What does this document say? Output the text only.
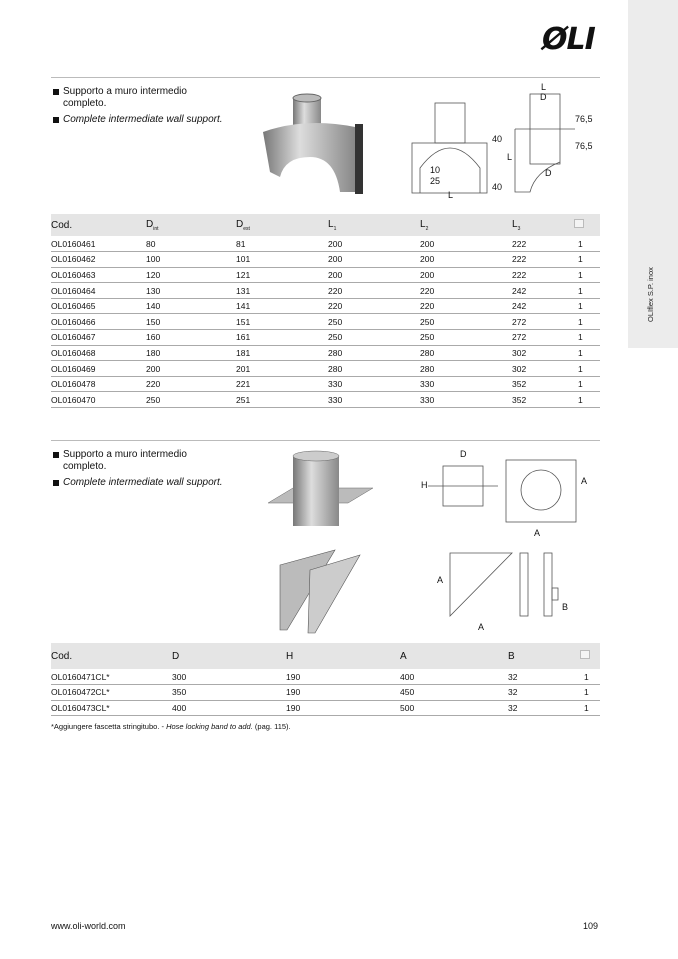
OLIflex S.P. inox
ØLI

Supporto a muro intermedio completo.

Complete intermediate wall support.

40
40
10
25
L
L
D
76,5
76,5
L
D
Cod.	$D_{int}$	$D_{est}$	$L_1$	$L_2$	$L_3$	
OL0160461	80	81	200	200	222	1
OL0160462	100	101	200	200	222	1
OL0160463	120	121	200	200	222	1
OL0160464	130	131	220	220	242	1
OL0160465	140	141	220	220	242	1
OL0160466	150	151	250	250	272	1
OL0160467	160	161	250	250	272	1
OL0160468	180	181	280	280	302	1
OL0160469	200	201	280	280	302	1
OL0160478	220	221	330	330	352	1
OL0160470	250	251	330	330	352	1

Supporto a muro intermedio completo.

Complete intermediate wall support.

D
H	A
A
A
A
B
Cod.	D	H	A	B	
OL0160471CL*	300	190	400	32	1
OL0160472CL*	350	190	450	32	1
OL0160473CL*	400	190	500	32	1
*Aggiungere fascetta stringitubo. - Hose locking band to add. (pag. 115).
www.oli-world.com	109
